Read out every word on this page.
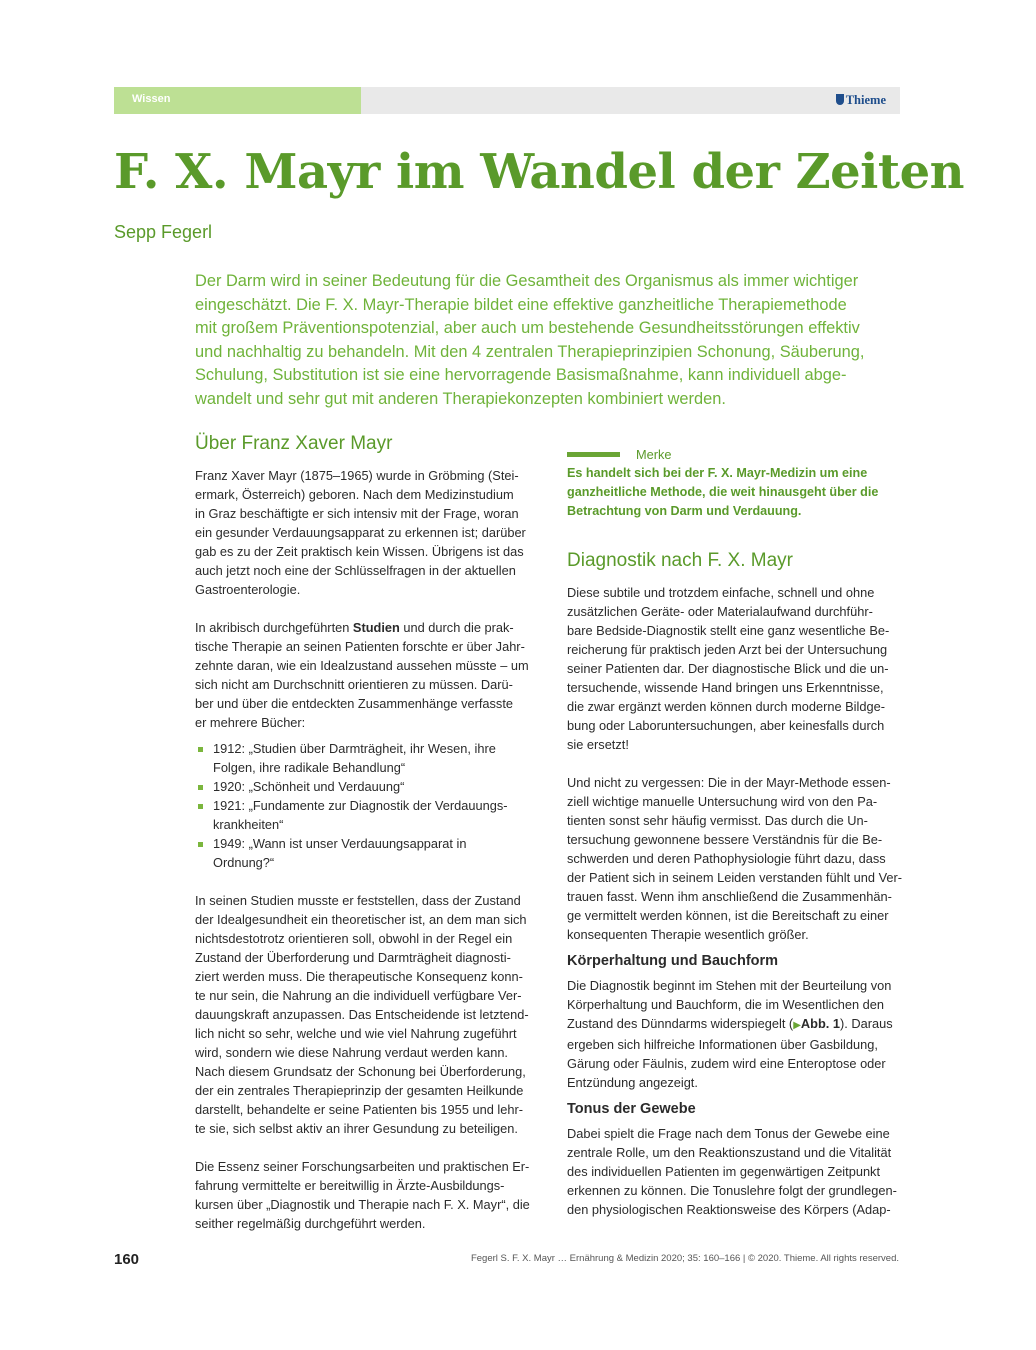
Wissen	Thieme
F. X. Mayr im Wandel der Zeiten
Sepp Fegerl
Der Darm wird in seiner Bedeutung für die Gesamtheit des Organismus als immer wichtiger
eingeschätzt. Die F. X. Mayr-Therapie bildet eine effektive ganzheitliche Therapiemethode
mit großem Präventionspotenzial, aber auch um bestehende Gesundheitsstörungen effektiv
und nachhaltig zu behandeln. Mit den 4 zentralen Therapieprinzipien Schonung, Säuberung,
Schulung, Substitution ist sie eine hervorragende Basismaßnahme, kann individuell abge-
wandelt und sehr gut mit anderen Therapiekonzepten kombiniert werden.
Über Franz Xaver Mayr
Franz Xaver Mayr (1875–1965) wurde in Gröbming (Stei-
ermark, Österreich) geboren. Nach dem Medizinstudium
in Graz beschäftigte er sich intensiv mit der Frage, woran
ein gesunder Verdauungsapparat zu erkennen ist; darüber
gab es zu der Zeit praktisch kein Wissen. Übrigens ist das
auch jetzt noch eine der Schlüsselfragen in der aktuellen
Gastroenterologie.
In akribisch durchgeführten Studien und durch die prak-
tische Therapie an seinen Patienten forschte er über Jahr-
zehnte daran, wie ein Idealzustand aussehen müsste – um
sich nicht am Durchschnitt orientieren zu müssen. Darü-
ber und über die entdeckten Zusammenhänge verfasste
er mehrere Bücher:
1912: „Studien über Darmträgheit, ihr Wesen, ihre
Folgen, ihre radikale Behandlung“
1920: „Schönheit und Verdauung“
1921: „Fundamente zur Diagnostik der Verdauungs-
krankheiten“
1949: „Wann ist unser Verdauungsapparat in
Ordnung?“
In seinen Studien musste er feststellen, dass der Zustand
der Idealgesundheit ein theoretischer ist, an dem man sich
nichtsdestotrotz orientieren soll, obwohl in der Regel ein
Zustand der Überforderung und Darmträgheit diagnosti-
ziert werden muss. Die therapeutische Konsequenz konn-
te nur sein, die Nahrung an die individuell verfügbare Ver-
dauungskraft anzupassen. Das Entscheidende ist letztend-
lich nicht so sehr, welche und wie viel Nahrung zugeführt
wird, sondern wie diese Nahrung verdaut werden kann.
Nach diesem Grundsatz der Schonung bei Überforderung,
der ein zentrales Therapieprinzip der gesamten Heilkunde
darstellt, behandelte er seine Patienten bis 1955 und lehr-
te sie, sich selbst aktiv an ihrer Gesundung zu beteiligen.
Die Essenz seiner Forschungsarbeiten und praktischen Er-
fahrung vermittelte er bereitwillig in Ärzte-Ausbildungs-
kursen über „Diagnostik und Therapie nach F. X. Mayr“, die
seither regelmäßig durchgeführt werden.
Merke
Es handelt sich bei der F. X. Mayr-Medizin um eine
ganzheitliche Methode, die weit hinausgeht über die
Betrachtung von Darm und Verdauung.
Diagnostik nach F. X. Mayr
Diese subtile und trotzdem einfache, schnell und ohne
zusätzlichen Geräte- oder Materialaufwand durchführ-
bare Bedside-Diagnostik stellt eine ganz wesentliche Be-
reicherung für praktisch jeden Arzt bei der Untersuchung
seiner Patienten dar. Der diagnostische Blick und die un-
tersuchende, wissende Hand bringen uns Erkenntnisse,
die zwar ergänzt werden können durch moderne Bildge-
bung oder Laboruntersuchungen, aber keinesfalls durch
sie ersetzt!
Und nicht zu vergessen: Die in der Mayr-Methode essen-
ziell wichtige manuelle Untersuchung wird von den Pa-
tienten sonst sehr häufig vermisst. Das durch die Un-
tersuchung gewonnene bessere Verständnis für die Be-
schwerden und deren Pathophysiologie führt dazu, dass
der Patient sich in seinem Leiden verstanden fühlt und Ver-
trauen fasst. Wenn ihm anschließend die Zusammenhän-
ge vermittelt werden können, ist die Bereitschaft zu einer
konsequenten Therapie wesentlich größer.
Körperhaltung und Bauchform
Die Diagnostik beginnt im Stehen mit der Beurteilung von
Körperhaltung und Bauchform, die im Wesentlichen den
Zustand des Dünndarms widerspiegelt (▶Abb. 1). Daraus
ergeben sich hilfreiche Informationen über Gasbildung,
Gärung oder Fäulnis, zudem wird eine Enteroptose oder
Entzündung angezeigt.
Tonus der Gewebe
Dabei spielt die Frage nach dem Tonus der Gewebe eine
zentrale Rolle, um den Reaktionszustand und die Vitalität
des individuellen Patienten im gegenwärtigen Zeitpunkt
erkennen zu können. Die Tonuslehre folgt der grundlegen-
den physiologischen Reaktionsweise des Körpers (Adap-
160	Fegerl S. F. X. Mayr … Ernährung & Medizin 2020; 35: 160–166 | © 2020. Thieme. All rights reserved.
